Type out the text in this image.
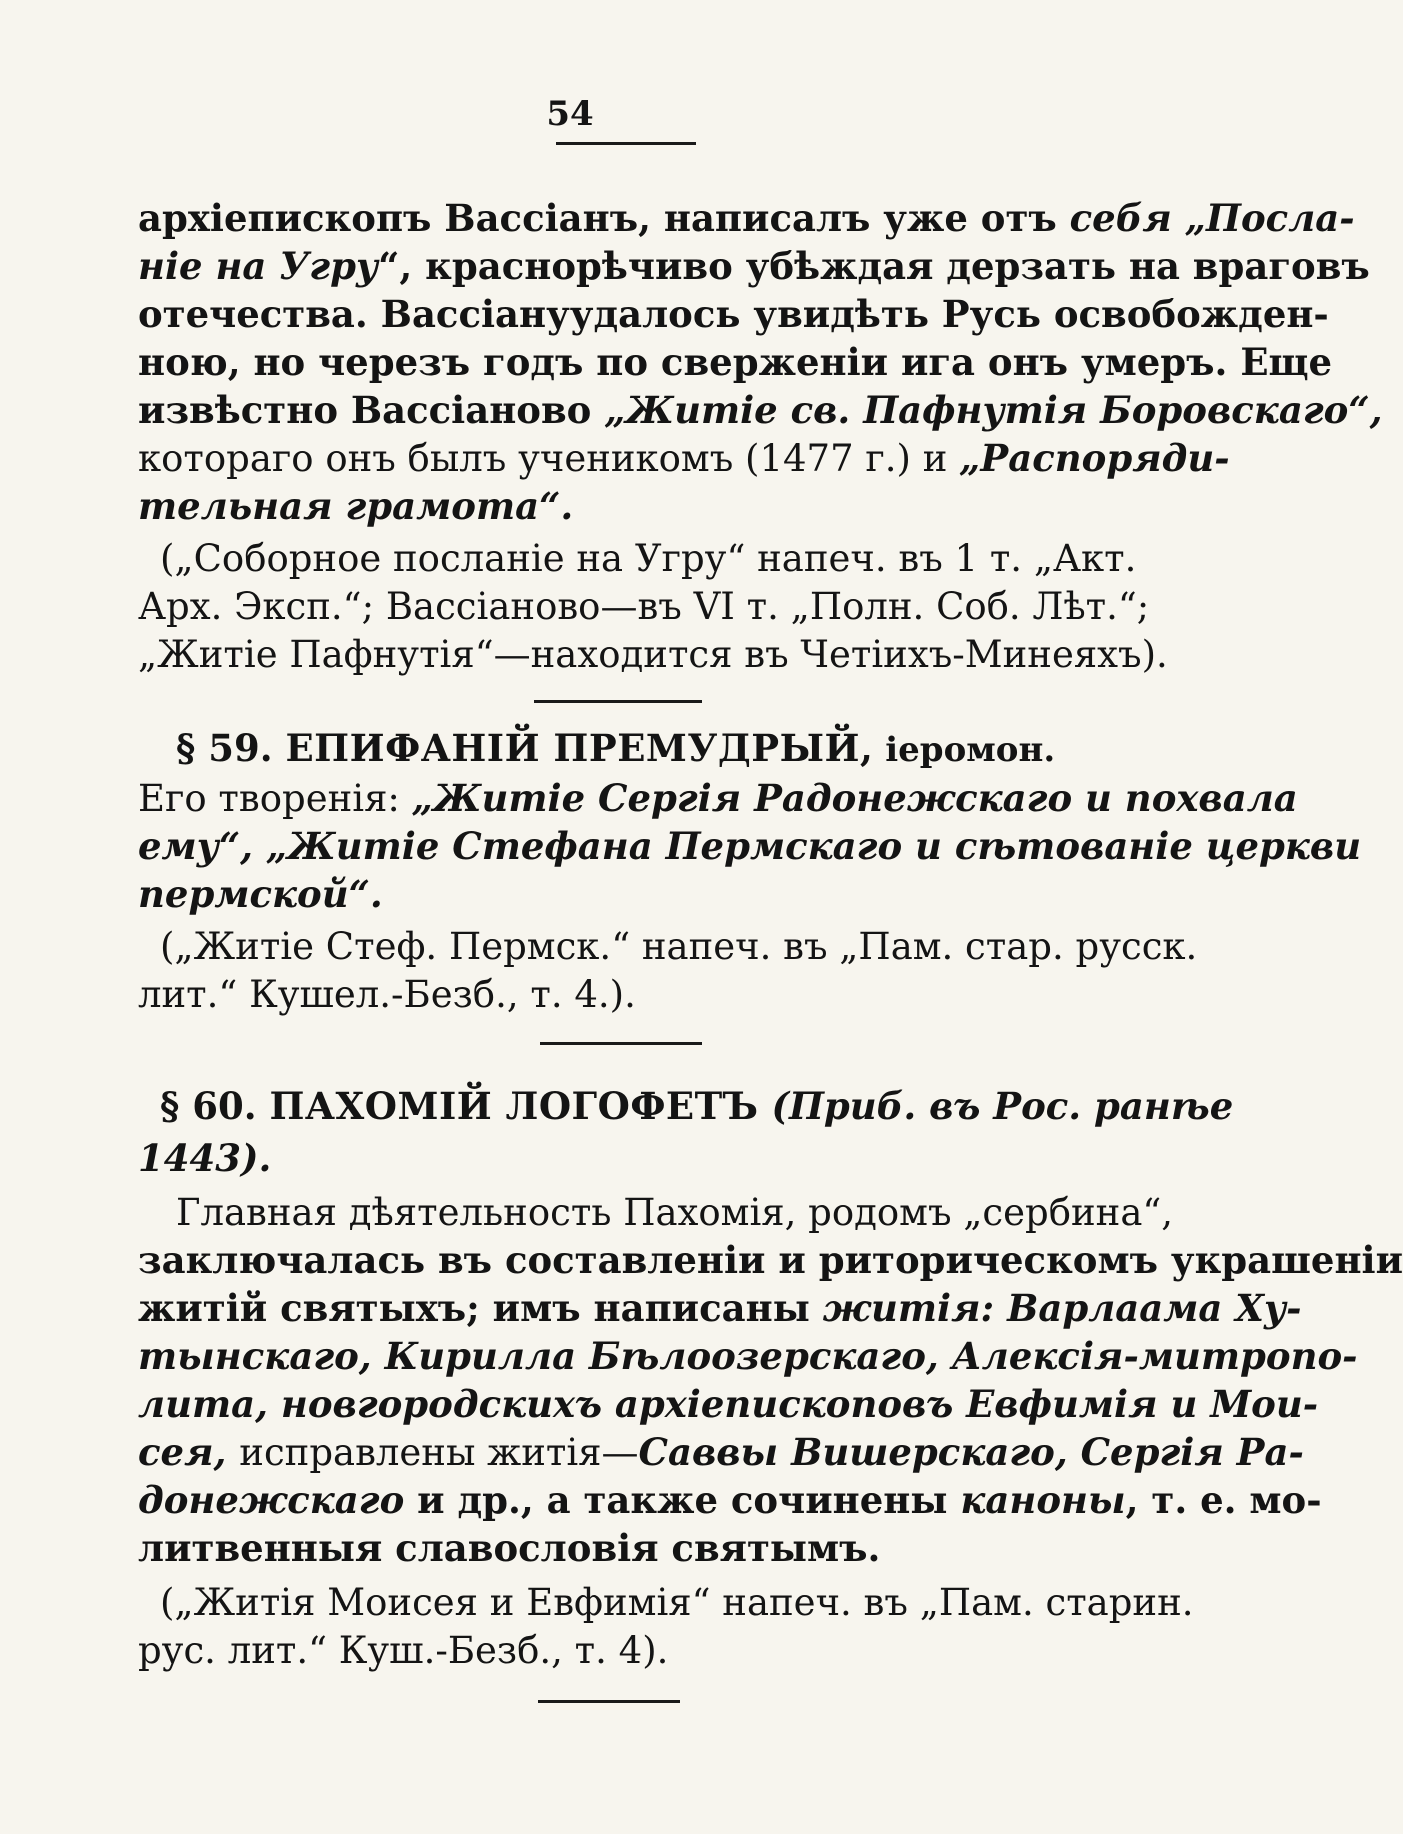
54
архіепископъ Вассіанъ, написалъ уже отъ себя „Посла-
ніе на Угру“, краснорѣчиво убѣждая дерзать на враговъ
отечества. Вассіануудалось увидѣть Русь освобожден-
ною, но черезъ годъ по сверженіи ига онъ умеръ. Еще
извѣстно Вассіаново „Житіе св. Пафнутія Боровскаго“,
котораго онъ былъ ученикомъ (1477 г.) и „Распоряди-
тельная грамота“.
(„Соборное посланіе на Угру“ напеч. въ 1 т. „Акт.
Арх. Эксп.“; Вассіаново—въ VI т. „Полн. Соб. Лѣт.“;
„Житіе Пафнутія“—находится въ Четіихъ-Минеяхъ).
§ 59. ЕПИФАНІЙ ПРЕМУДРЫЙ, іеромон.
Его творенія: „Житіе Сергія Радонежскаго и похвала
ему“, „Житіе Стефана Пермскаго и сѣтованіе церкви
пермской“.
(„Житіе Стеф. Пермск.“ напеч. въ „Пам. стар. русск.
лит.“ Кушел.-Безб., т. 4.).
§ 60. ПАХОМІЙ ЛОГОФЕТЪ (Приб. въ Рос. ранѣе
1443).
Главная дѣятельность Пахомія, родомъ „сербина“,
заключалась въ составленіи и риторическомъ украшеніи
житій святыхъ; имъ написаны житія: Варлаама Ху-
тынскаго, Кирилла Бѣлоозерскаго, Алексія-митропо-
лита, новгородскихъ архіепископовъ Евфимія и Мои-
сея, исправлены житія—Саввы Вишерскаго, Сергія Ра-
донежскаго и др., а также сочинены каноны, т. е. мо-
литвенныя славословія святымъ.
(„Житія Моисея и Евфимія“ напеч. въ „Пам. старин.
рус. лит.“ Куш.-Безб., т. 4).
